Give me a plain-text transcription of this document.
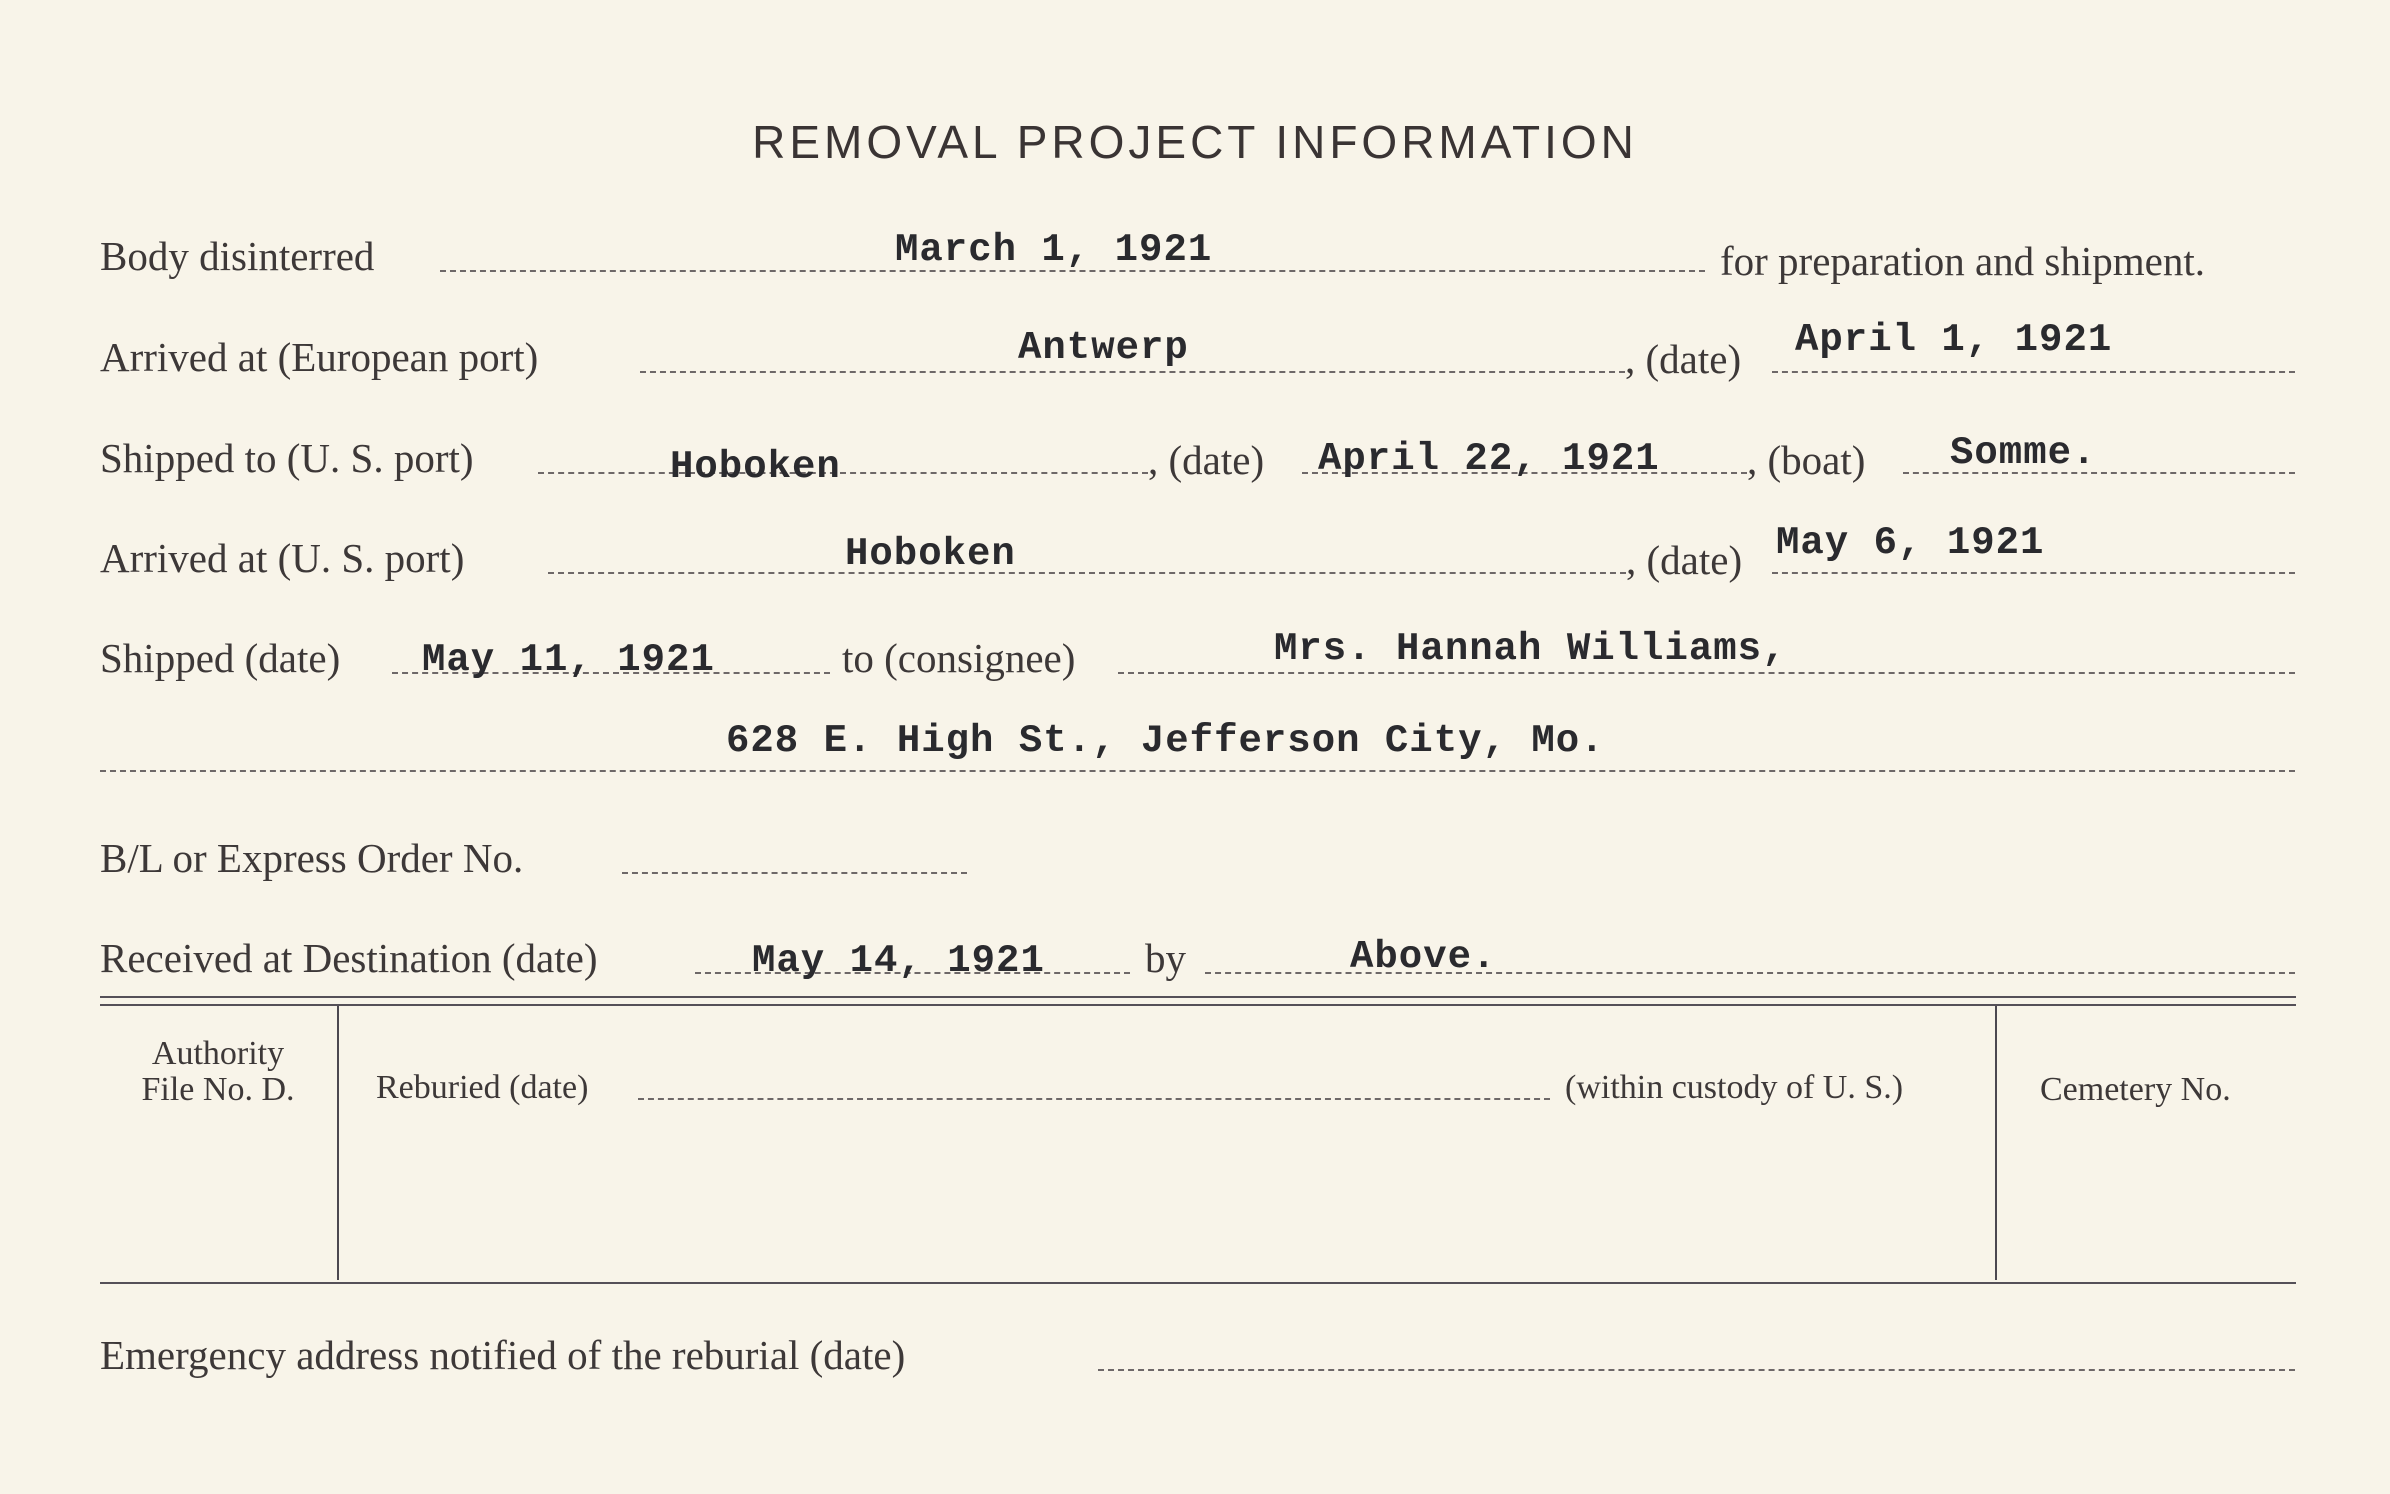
REMOVAL PROJECT INFORMATION
Body disinterred	March 1, 1921	for preparation and shipment.
Arrived at (European port)	Antwerp	, (date) April 1, 1921
Shipped to (U. S. port)	Hoboken	, (date) April 22, 1921 , (boat) Somme.
Arrived at (U. S. port)	Hoboken	, (date) May 6, 1921
Shipped (date) May 11, 1921	to (consignee)	Mrs. Hannah Williams,
628 E. High St., Jefferson City, Mo.
B/L or Express Order No.
Received at Destination (date)	May 14, 1921 by	Above.
Authority
File No. D.	Reburied (date)	(within custody of U. S.)	Cemetery No.
Emergency address notified of the reburial (date)
